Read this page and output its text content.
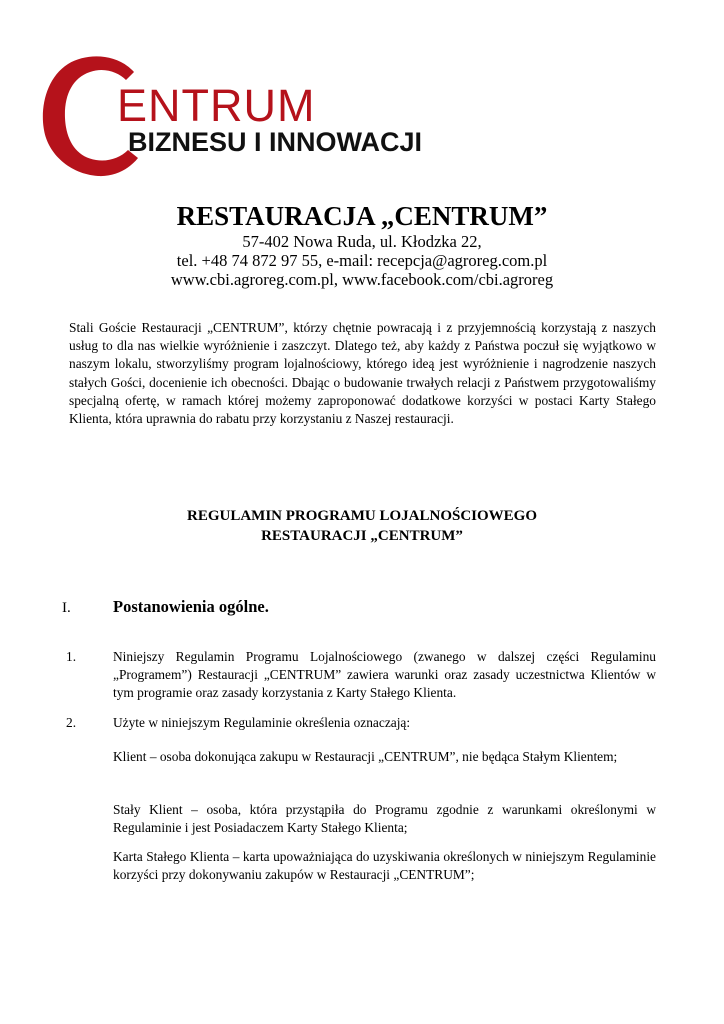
ENTRUM
BIZNESU I INNOWACJI
RESTAURACJA „CENTRUM”
57-402 Nowa Ruda, ul. Kłodzka 22,
tel. +48 74 872 97 55, e-mail: recepcja@agroreg.com.pl
www.cbi.agroreg.com.pl, www.facebook.com/cbi.agroreg

Stali Goście Restauracji „CENTRUM”, którzy chętnie powracają i z przyjemnością korzystają z naszych usług to dla nas wielkie wyróżnienie i zaszczyt. Dlatego też, aby każdy z Państwa poczuł się wyjątkowo w naszym lokalu, stworzyliśmy program lojalnościowy, którego ideą jest wyróżnienie i nagrodzenie naszych stałych Gości, docenienie ich obecności. Dbając o budowanie trwałych relacji z Państwem przygotowaliśmy specjalną ofertę, w ramach której możemy zaproponować dodatkowe korzyści w postaci Karty Stałego Klienta, która uprawnia do rabatu przy korzystaniu z Naszej restauracji.

REGULAMIN PROGRAMU LOJALNOŚCIOWEGO
RESTAURACJI „CENTRUM”
I.	Postanowienia ogólne.
1.	Niniejszy Regulamin Programu Lojalnościowego (zwanego w dalszej części Regulaminu „Programem”) Restauracji „CENTRUM” zawiera warunki oraz zasady uczestnictwa Klientów w tym programie oraz zasady korzystania z Karty Stałego Klienta.

2.	Użyte w niniejszym Regulaminie określenia oznaczają:

Klient – osoba dokonująca zakupu w Restauracji „CENTRUM”, nie będąca Stałym Klientem;

Stały Klient – osoba, która przystąpiła do Programu zgodnie z warunkami określonymi w Regulaminie i jest Posiadaczem Karty Stałego Klienta;

Karta Stałego Klienta – karta upoważniająca do uzyskiwania określonych w niniejszym Regulaminie korzyści przy dokonywaniu zakupów w Restauracji „CENTRUM”;
